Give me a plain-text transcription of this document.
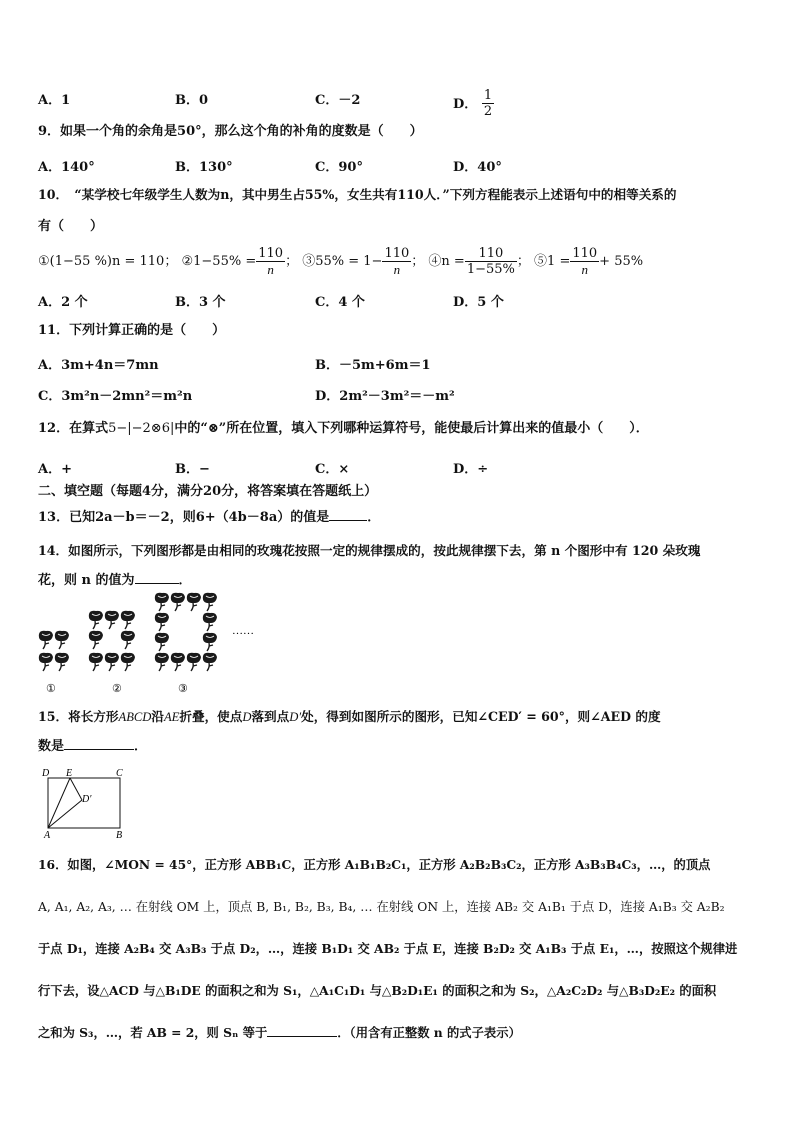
A．1	B．0	C．－2	D． $\frac{1}{2}$
9．如果一个角的余角是50°，那么这个角的补角的度数是（　　）
A．140°	B．130°	C．90°	D．40°
10．　“某学校七年级学生人数为n，其中男生占55%，女生共有110人．”下列方程能表示上述语句中的相等关系的
有（　　）
①(1−55 %)n = 110； ②1−55% = $\frac{110}{n}$ ； ③55% = $1- \frac{110}{n}$ ； ④n = $\frac{110}{1-55\%}$ ； ⑤1 = $\frac{110}{n} + 55\%$
A．2 个	B．3 个	C．4 个	D．5 个
11．下列计算正确的是（　　）
A．3m+4n＝7mn	B．－5m+6m＝1
C．3m²n－2mn²＝m²n	D．2m²－3m²＝－m²
12．在算式5−|−2⊗6|中的“⊗”所在位置，填入下列哪种运算符号，能使最后计算出来的值最小（　　）．
A．+	B．−	C．×	D．÷
二、填空题（每题4分，满分20分，将答案填在答题纸上）
13．已知2a－b＝－2，则6+（4b－8a）的值是	．
14．如图所示，下列图形都是由相同的玫瑰花按照一定的规律摆成的，按此规律摆下去，第 n 个图形中有 120 朵玫瑰
花，则 n 的值为	．
……
①	②	③
15．将长方形ABCD沿AE折叠，使点D落到点D′处，得到如图所示的图形，已知∠CED′ = 60°，则∠AED 的度
数是	．
D E	C
D′
A	B
16．如图，∠MON = 45°，正方形 ABB₁C，正方形 A₁B₁B₂C₁，正方形 A₂B₂B₃C₂，正方形 A₃B₃B₄C₃，…，的顶点
A, A₁, A₂, A₃, … 在射线 OM 上，顶点 B, B₁, B₂, B₃, B₄, … 在射线 ON 上，连接 AB₂ 交 A₁B₁ 于点 D，连接 A₁B₃ 交 A₂B₂
于点 D₁，连接 A₂B₄ 交 A₃B₃ 于点 D₂，…，连接 B₁D₁ 交 AB₂ 于点 E，连接 B₂D₂ 交 A₁B₃ 于点 E₁，…，按照这个规律进
行下去，设△ACD 与△B₁DE 的面积之和为 S₁，△A₁C₁D₁ 与△B₂D₁E₁ 的面积之和为 S₂，△A₂C₂D₂ 与△B₃D₂E₂ 的面积
之和为 S₃，…，若 AB = 2，则 Sₙ 等于	．（用含有正整数 n 的式子表示）
